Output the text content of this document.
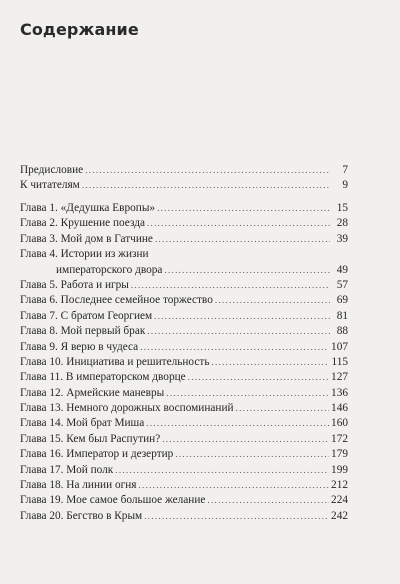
Содержание
Предисловие .....	7
К читателям .....	9
Глава 1. «Дедушка Европы» .....	15
Глава 2. Крушение поезда .....	28
Глава 3. Мой дом в Гатчине .....	39
Глава 4. Истории из жизни
императорского двора .....	49
Глава 5. Работа и игры .....	57
Глава 6. Последнее семейное торжество .....	69
Глава 7. С братом Георгием .....	81
Глава 8. Мой первый брак .....	88
Глава 9. Я верю в чудеса .....	107
Глава 10. Инициатива и решительность .....	115
Глава 11. В императорском дворце .....	127
Глава 12. Армейские маневры .....	136
Глава 13. Немного дорожных воспоминаний .....	146
Глава 14. Мой брат Миша .....	160
Глава 15. Кем был Распутин? .....	172
Глава 16. Император и дезертир .....	179
Глава 17. Мой полк .....	199
Глава 18. На линии огня .....	212
Глава 19. Мое самое большое желание .....	224
Глава 20. Бегство в Крым .....	242
